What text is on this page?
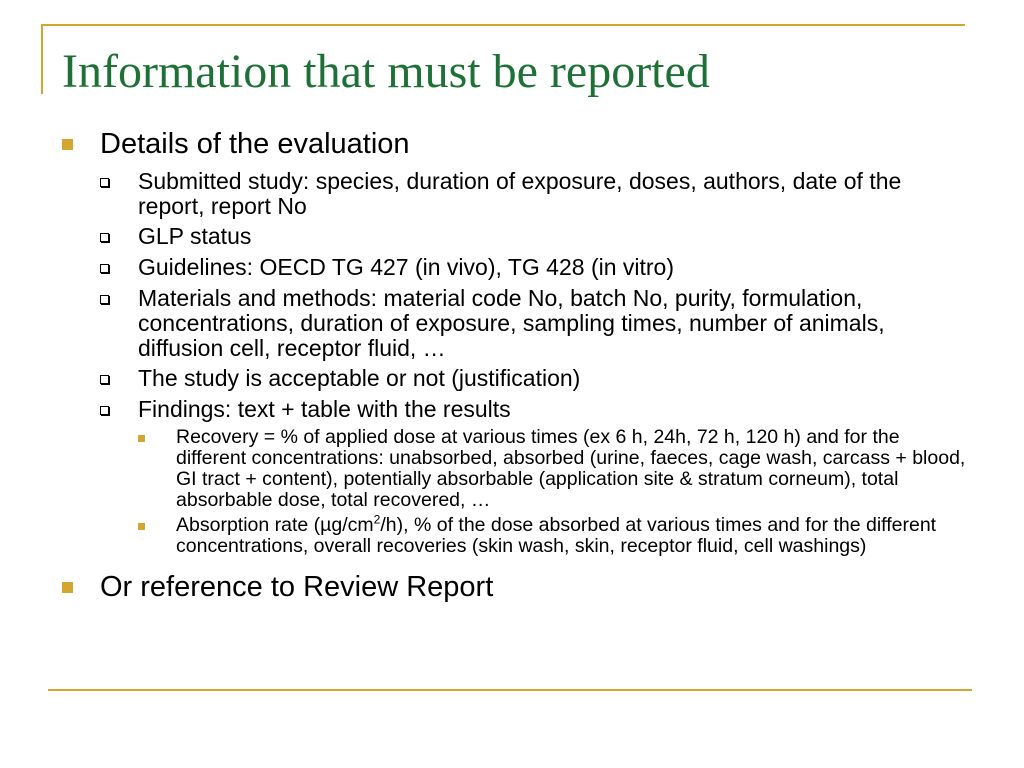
Information that must be reported
Details of the evaluation
Submitted study: species, duration of exposure, doses, authors, date of the report, report No
GLP status
Guidelines: OECD TG 427 (in vivo), TG 428 (in vitro)
Materials and methods: material code No, batch No, purity, formulation, concentrations, duration of exposure, sampling times, number of animals, diffusion cell, receptor fluid, …
The study is acceptable or not (justification)
Findings: text + table with the results
Recovery = % of applied dose at various times (ex 6 h, 24h, 72 h, 120 h) and for the different concentrations: unabsorbed, absorbed (urine, faeces, cage wash, carcass + blood, GI tract + content), potentially absorbable (application site & stratum corneum), total absorbable dose, total recovered, …
Absorption rate $(\mu g/cm^2/h)$, % of the dose absorbed at various times and for the different concentrations, overall recoveries (skin wash, skin, receptor fluid, cell washings)
Or reference to Review Report
